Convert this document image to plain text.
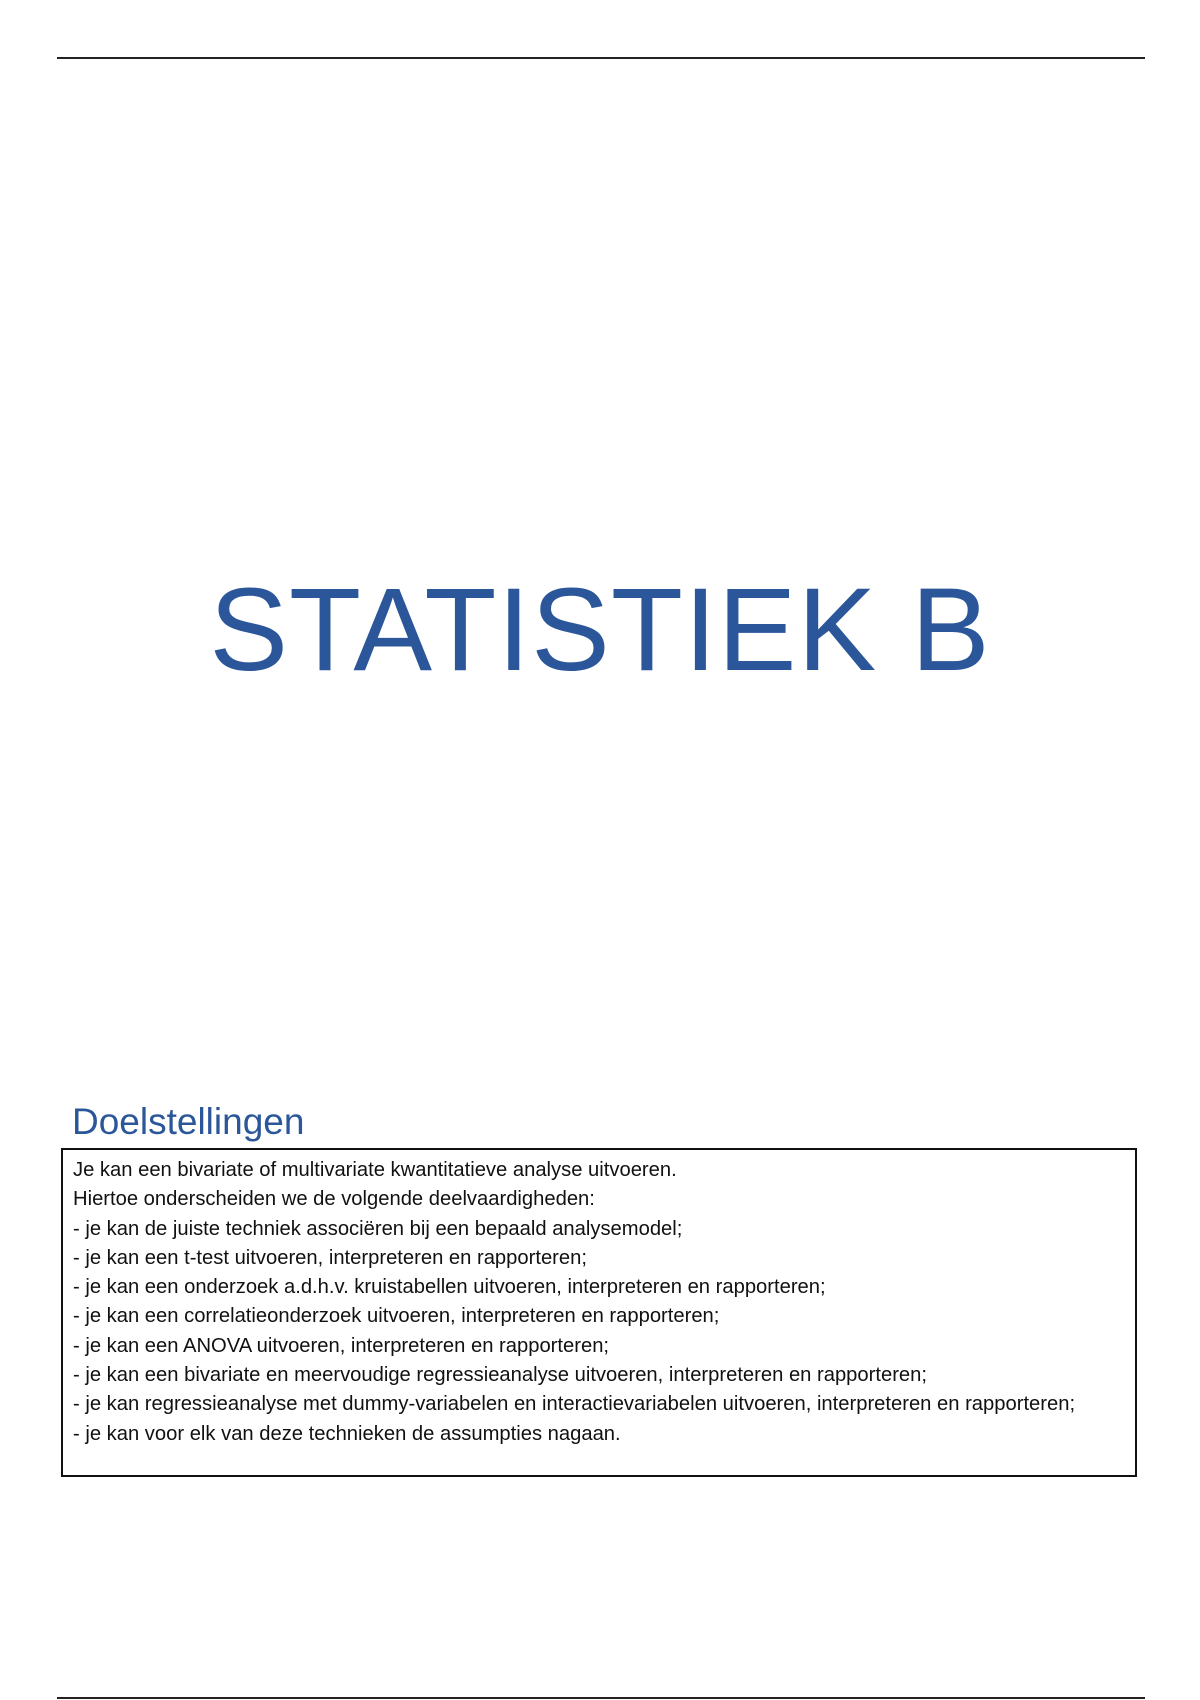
STATISTIEK B
Doelstellingen

Je kan een bivariate of multivariate kwantitatieve analyse uitvoeren.

Hiertoe onderscheiden we de volgende deelvaardigheden:

- je kan de juiste techniek associëren bij een bepaald analysemodel;
- je kan een t-test uitvoeren, interpreteren en rapporteren;
- je kan een onderzoek a.d.h.v. kruistabellen uitvoeren, interpreteren en rapporteren;
- je kan een correlatieonderzoek uitvoeren, interpreteren en rapporteren;
- je kan een ANOVA uitvoeren, interpreteren en rapporteren;
- je kan een bivariate en meervoudige regressieanalyse uitvoeren, interpreteren en rapporteren;
- je kan regressieanalyse met dummy-variabelen en interactievariabelen uitvoeren, interpreteren en rapporteren;
- je kan voor elk van deze technieken de assumpties nagaan.
